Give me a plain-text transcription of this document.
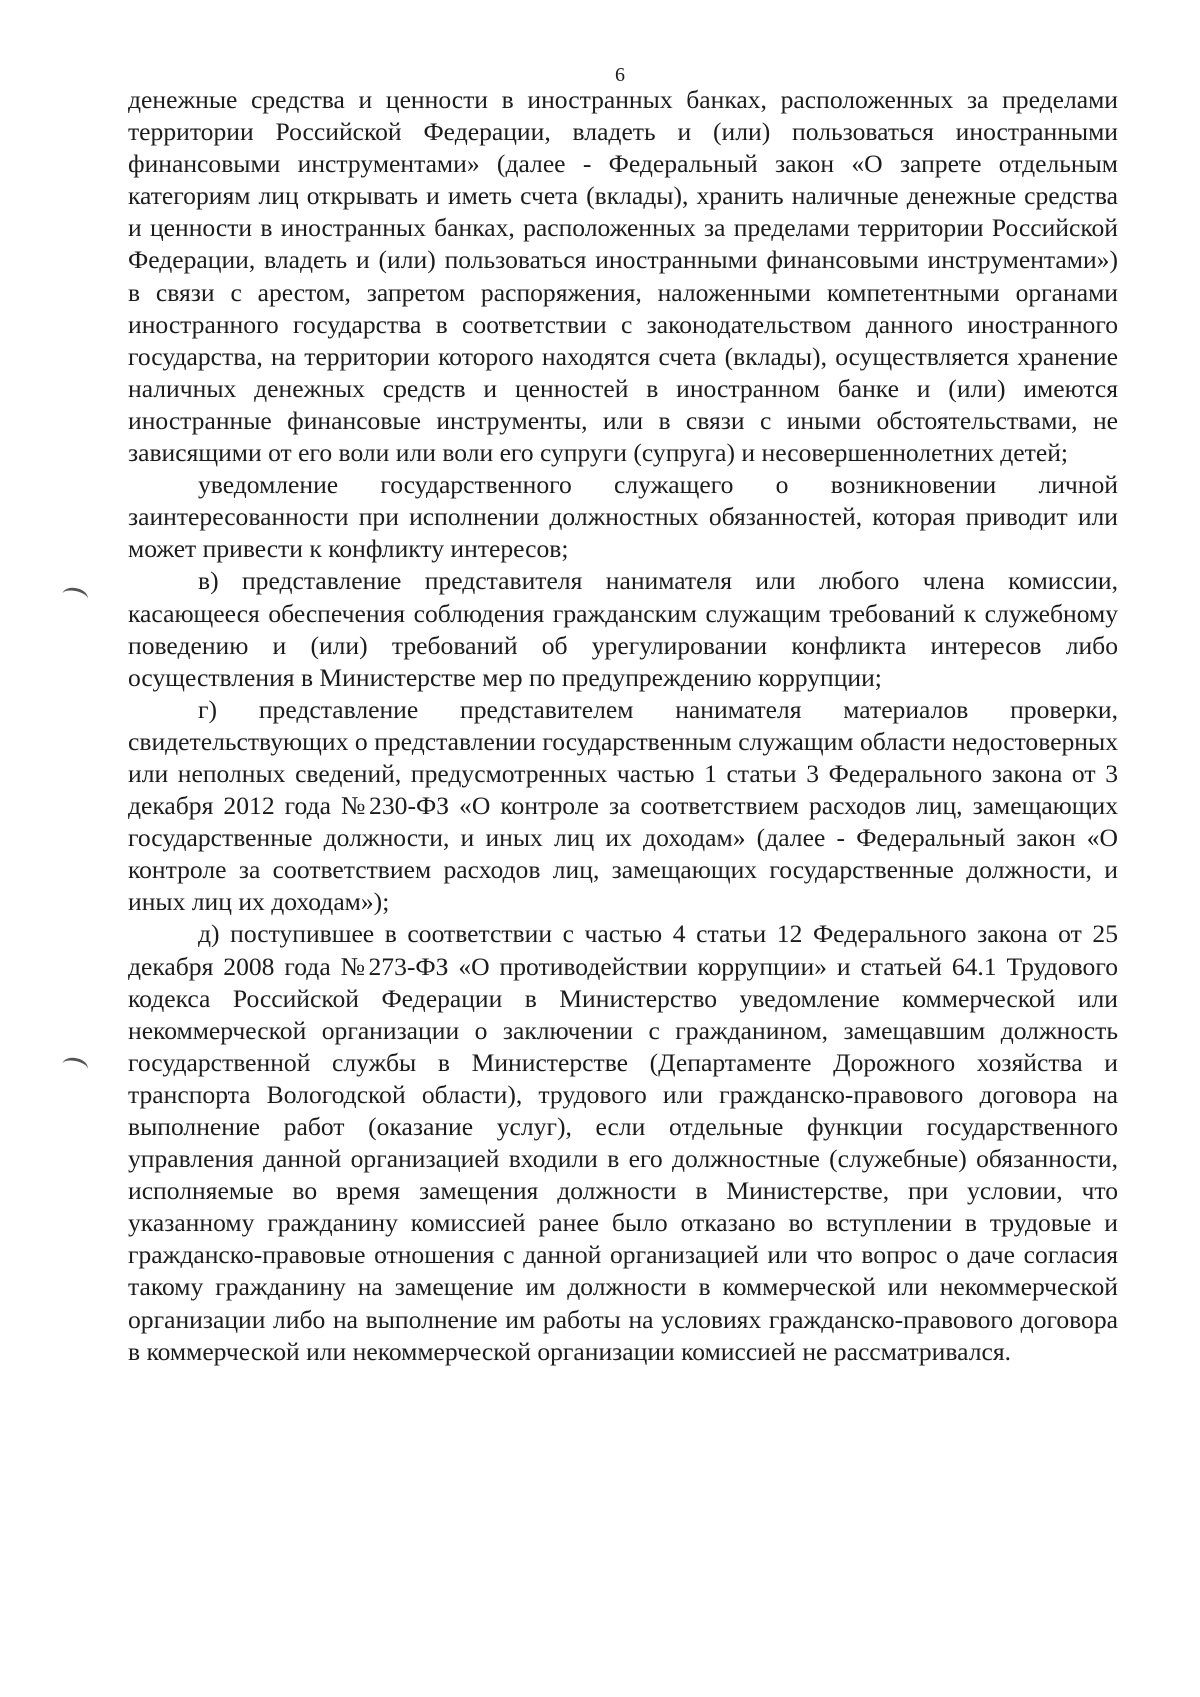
6

денежные средства и ценности в иностранных банках, расположенных за пределами территории Российской Федерации, владеть и (или) пользоваться иностранными финансовыми инструментами» (далее - Федеральный закон «О запрете отдельным категориям лиц открывать и иметь счета (вклады), хранить наличные денежные средства и ценности в иностранных банках, расположенных за пределами территории Российской Федерации, владеть и (или) пользоваться иностранными финансовыми инструментами») в связи с арестом, запретом распоряжения, наложенными компетентными органами иностранного государства в соответствии с законодательством данного иностранного государства, на территории которого находятся счета (вклады), осуществляется хранение наличных денежных средств и ценностей в иностранном банке и (или) имеются иностранные финансовые инструменты, или в связи с иными обстоятельствами, не зависящими от его воли или воли его супруги (супруга) и несовершеннолетних детей;

уведомление государственного служащего о возникновении личной заинтересованности при исполнении должностных обязанностей, которая приводит или может привести к конфликту интересов;

в) представление представителя нанимателя или любого члена комиссии, касающееся обеспечения соблюдения гражданским служащим требований к служебному поведению и (или) требований об урегулировании конфликта интересов либо осуществления в Министерстве мер по предупреждению коррупции;

г) представление представителем нанимателя материалов проверки, свидетельствующих о представлении государственным служащим области недостоверных или неполных сведений, предусмотренных частью 1 статьи 3 Федерального закона от 3 декабря 2012 года №230-ФЗ «О контроле за соответствием расходов лиц, замещающих государственные должности, и иных лиц их доходам» (далее - Федеральный закон «О контроле за соответствием расходов лиц, замещающих государственные должности, и иных лиц их доходам»);

д) поступившее в соответствии с частью 4 статьи 12 Федерального закона от 25 декабря 2008 года №273-ФЗ «О противодействии коррупции» и статьей 64.1 Трудового кодекса Российской Федерации в Министерство уведомление коммерческой или некоммерческой организации о заключении с гражданином, замещавшим должность государственной службы в Министерстве (Департаменте Дорожного хозяйства и транспорта Вологодской области), трудового или гражданско-правового договора на выполнение работ (оказание услуг), если отдельные функции государственного управления данной организацией входили в его должностные (служебные) обязанности, исполняемые во время замещения должности в Министерстве, при условии, что указанному гражданину комиссией ранее было отказано во вступлении в трудовые и гражданско-правовые отношения с данной организацией или что вопрос о даче согласия такому гражданину на замещение им должности в коммерческой или некоммерческой организации либо на выполнение им работы на условиях гражданско-правового договора в коммерческой или некоммерческой организации комиссией не рассматривался.
